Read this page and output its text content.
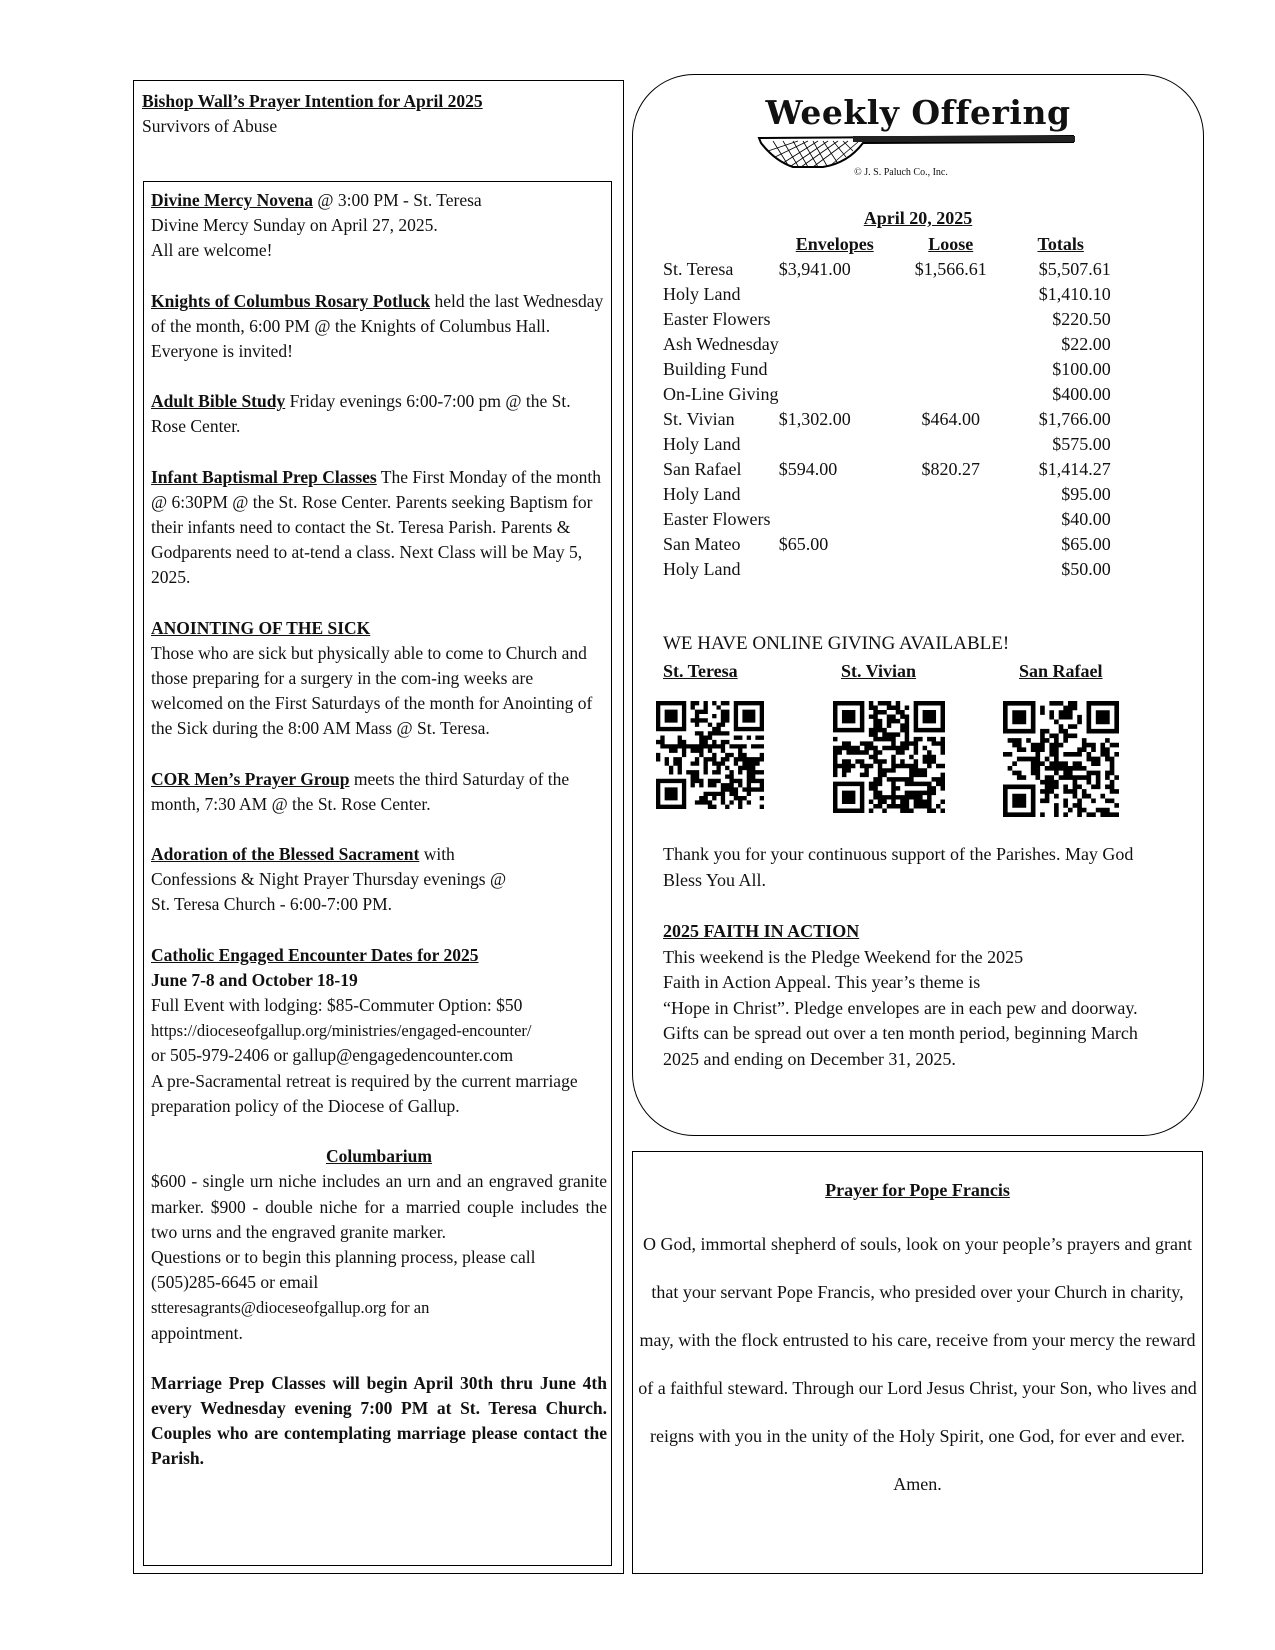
Bishop Wall’s Prayer Intention for April 2025
Survivors of Abuse
Divine Mercy Novena @ 3:00 PM - St. Teresa
Divine Mercy Sunday on April 27, 2025.
All are welcome!
Knights of Columbus Rosary Potluck held the last Wednesday of the month, 6:00 PM @ the Knights of Columbus Hall. Everyone is invited!
Adult Bible Study Friday evenings 6:00-7:00 pm @ the St. Rose Center.
Infant Baptismal Prep Classes The First Monday of the month @ 6:30PM @ the St. Rose Center. Parents seeking Baptism for their infants need to contact the St. Teresa Parish. Parents & Godparents need to at-tend a class. Next Class will be May 5, 2025.
ANOINTING OF THE SICK
Those who are sick but physically able to come to Church and those preparing for a surgery in the com-ing weeks are welcomed on the First Saturdays of the month for Anointing of the Sick during the 8:00 AM Mass @ St. Teresa.
COR Men’s Prayer Group meets the third Saturday of the month, 7:30 AM @ the St. Rose Center.
Adoration of the Blessed Sacrament with
Confessions & Night Prayer Thursday evenings @
St. Teresa Church - 6:00-7:00 PM.
Catholic Engaged Encounter Dates for 2025
June 7-8 and October 18-19
Full Event with lodging: $85-Commuter Option: $50
https://dioceseofgallup.org/ministries/engaged-encounter/
or 505-979-2406 or gallup@engagedencounter.com
A pre-Sacramental retreat is required by the current marriage preparation policy of the Diocese of Gallup.
Columbarium
$600 - single urn niche includes an urn and an engraved granite marker. $900 - double niche for a married couple includes the two urns and the engraved granite marker.
Questions or to begin this planning process, please call
(505)285-6645 or email
stteresagrants@dioceseofgallup.org for an
appointment.
Marriage Prep Classes will begin April 30th thru June 4th every Wednesday evening 7:00 PM at St. Teresa Church. Couples who are contemplating marriage please contact the Parish.
Weekly Offering
© J. S. Paluch Co., Inc.
April 20, 2025
	Envelopes	Loose	Totals
St. Teresa	$3,941.00	$1,566.61	$5,507.61
Holy Land			$1,410.10
Easter Flowers			$220.50
Ash Wednesday			$22.00
Building Fund			$100.00
On-Line Giving			$400.00
St. Vivian	$1,302.00	$464.00	$1,766.00
Holy Land			$575.00
San Rafael	$594.00	$820.27	$1,414.27
Holy Land			$95.00
Easter Flowers			$40.00
San Mateo	$65.00		$65.00
Holy Land			$50.00
WE HAVE ONLINE GIVING AVAILABLE!
St. Teresa	St. Vivian	San Rafael
Thank you for your continuous support of the Parishes. May God Bless You All.
2025 FAITH IN ACTION
This weekend is the Pledge Weekend for the 2025
Faith in Action Appeal. This year’s theme is
“Hope in Christ”. Pledge envelopes are in each pew and doorway. Gifts can be spread out over a ten month period, beginning March 2025 and ending on December 31, 2025.
Prayer for Pope Francis
O God, immortal shepherd of souls, look on your people’s prayers and grant that your servant Pope Francis, who presided over your Church in charity, may, with the flock entrusted to his care, receive from your mercy the reward of a faithful steward. Through our Lord Jesus Christ, your Son, who lives and reigns with you in the unity of the Holy Spirit, one God, for ever and ever. Amen.
